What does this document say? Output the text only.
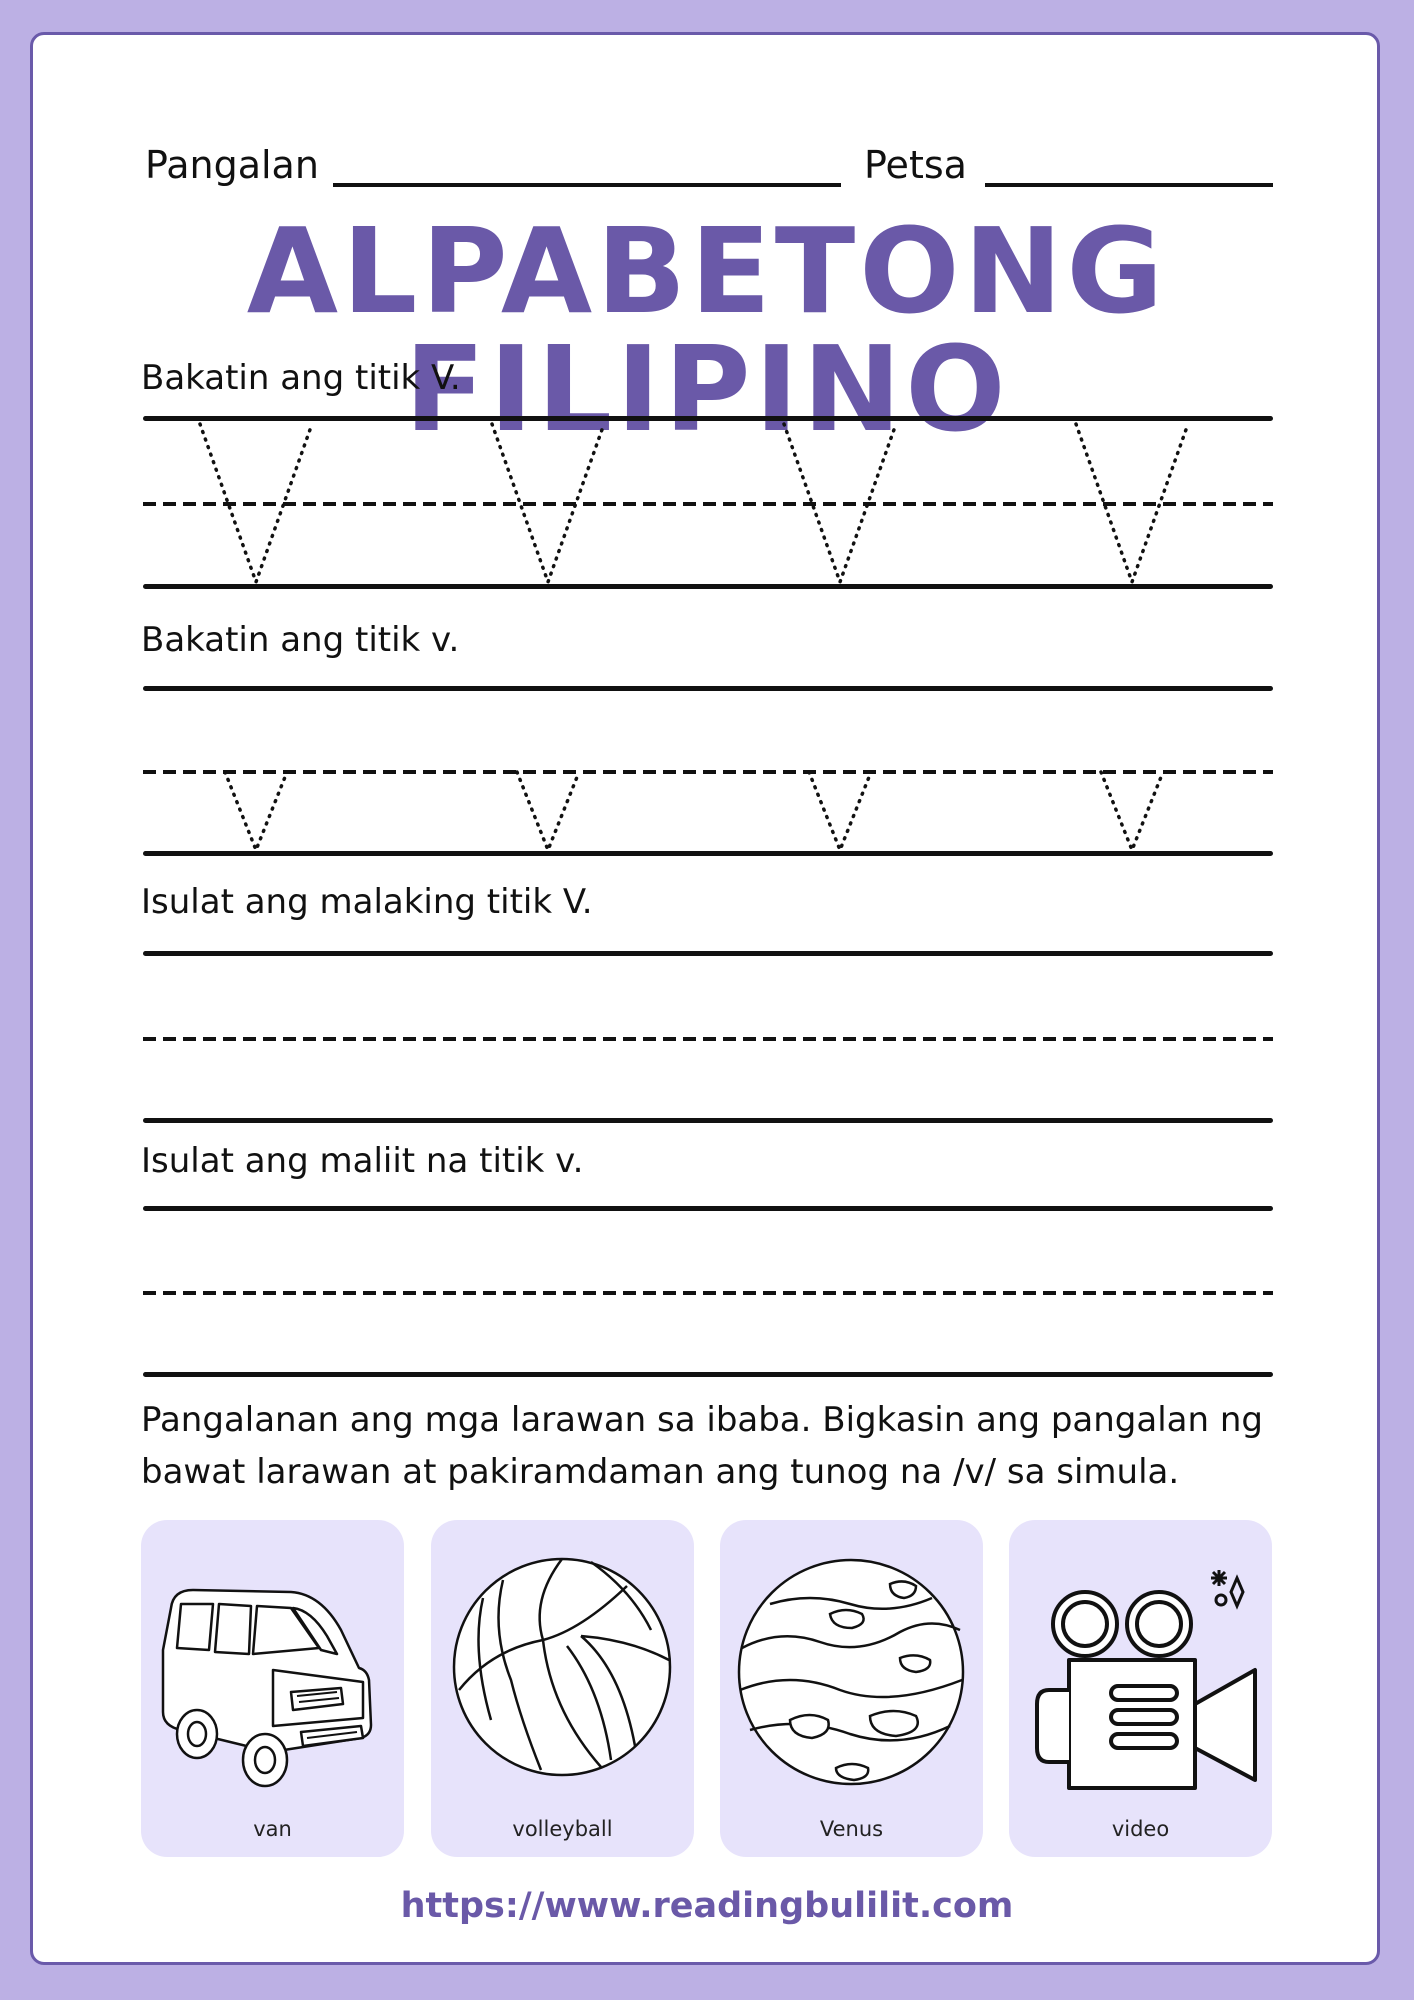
Pangalan	Petsa
ALPABETONG FILIPINO
Bakatin ang titik V.
Bakatin ang titik v.
Isulat ang malaking titik V.
Isulat ang maliit na titik v.
Pangalanan ang mga larawan sa ibaba. Bigkasin ang pangalan ng bawat larawan at pakiramdaman ang tunog na /v/ sa simula.
van	volleyball	Venus	video
https://www.readingbulilit.com
